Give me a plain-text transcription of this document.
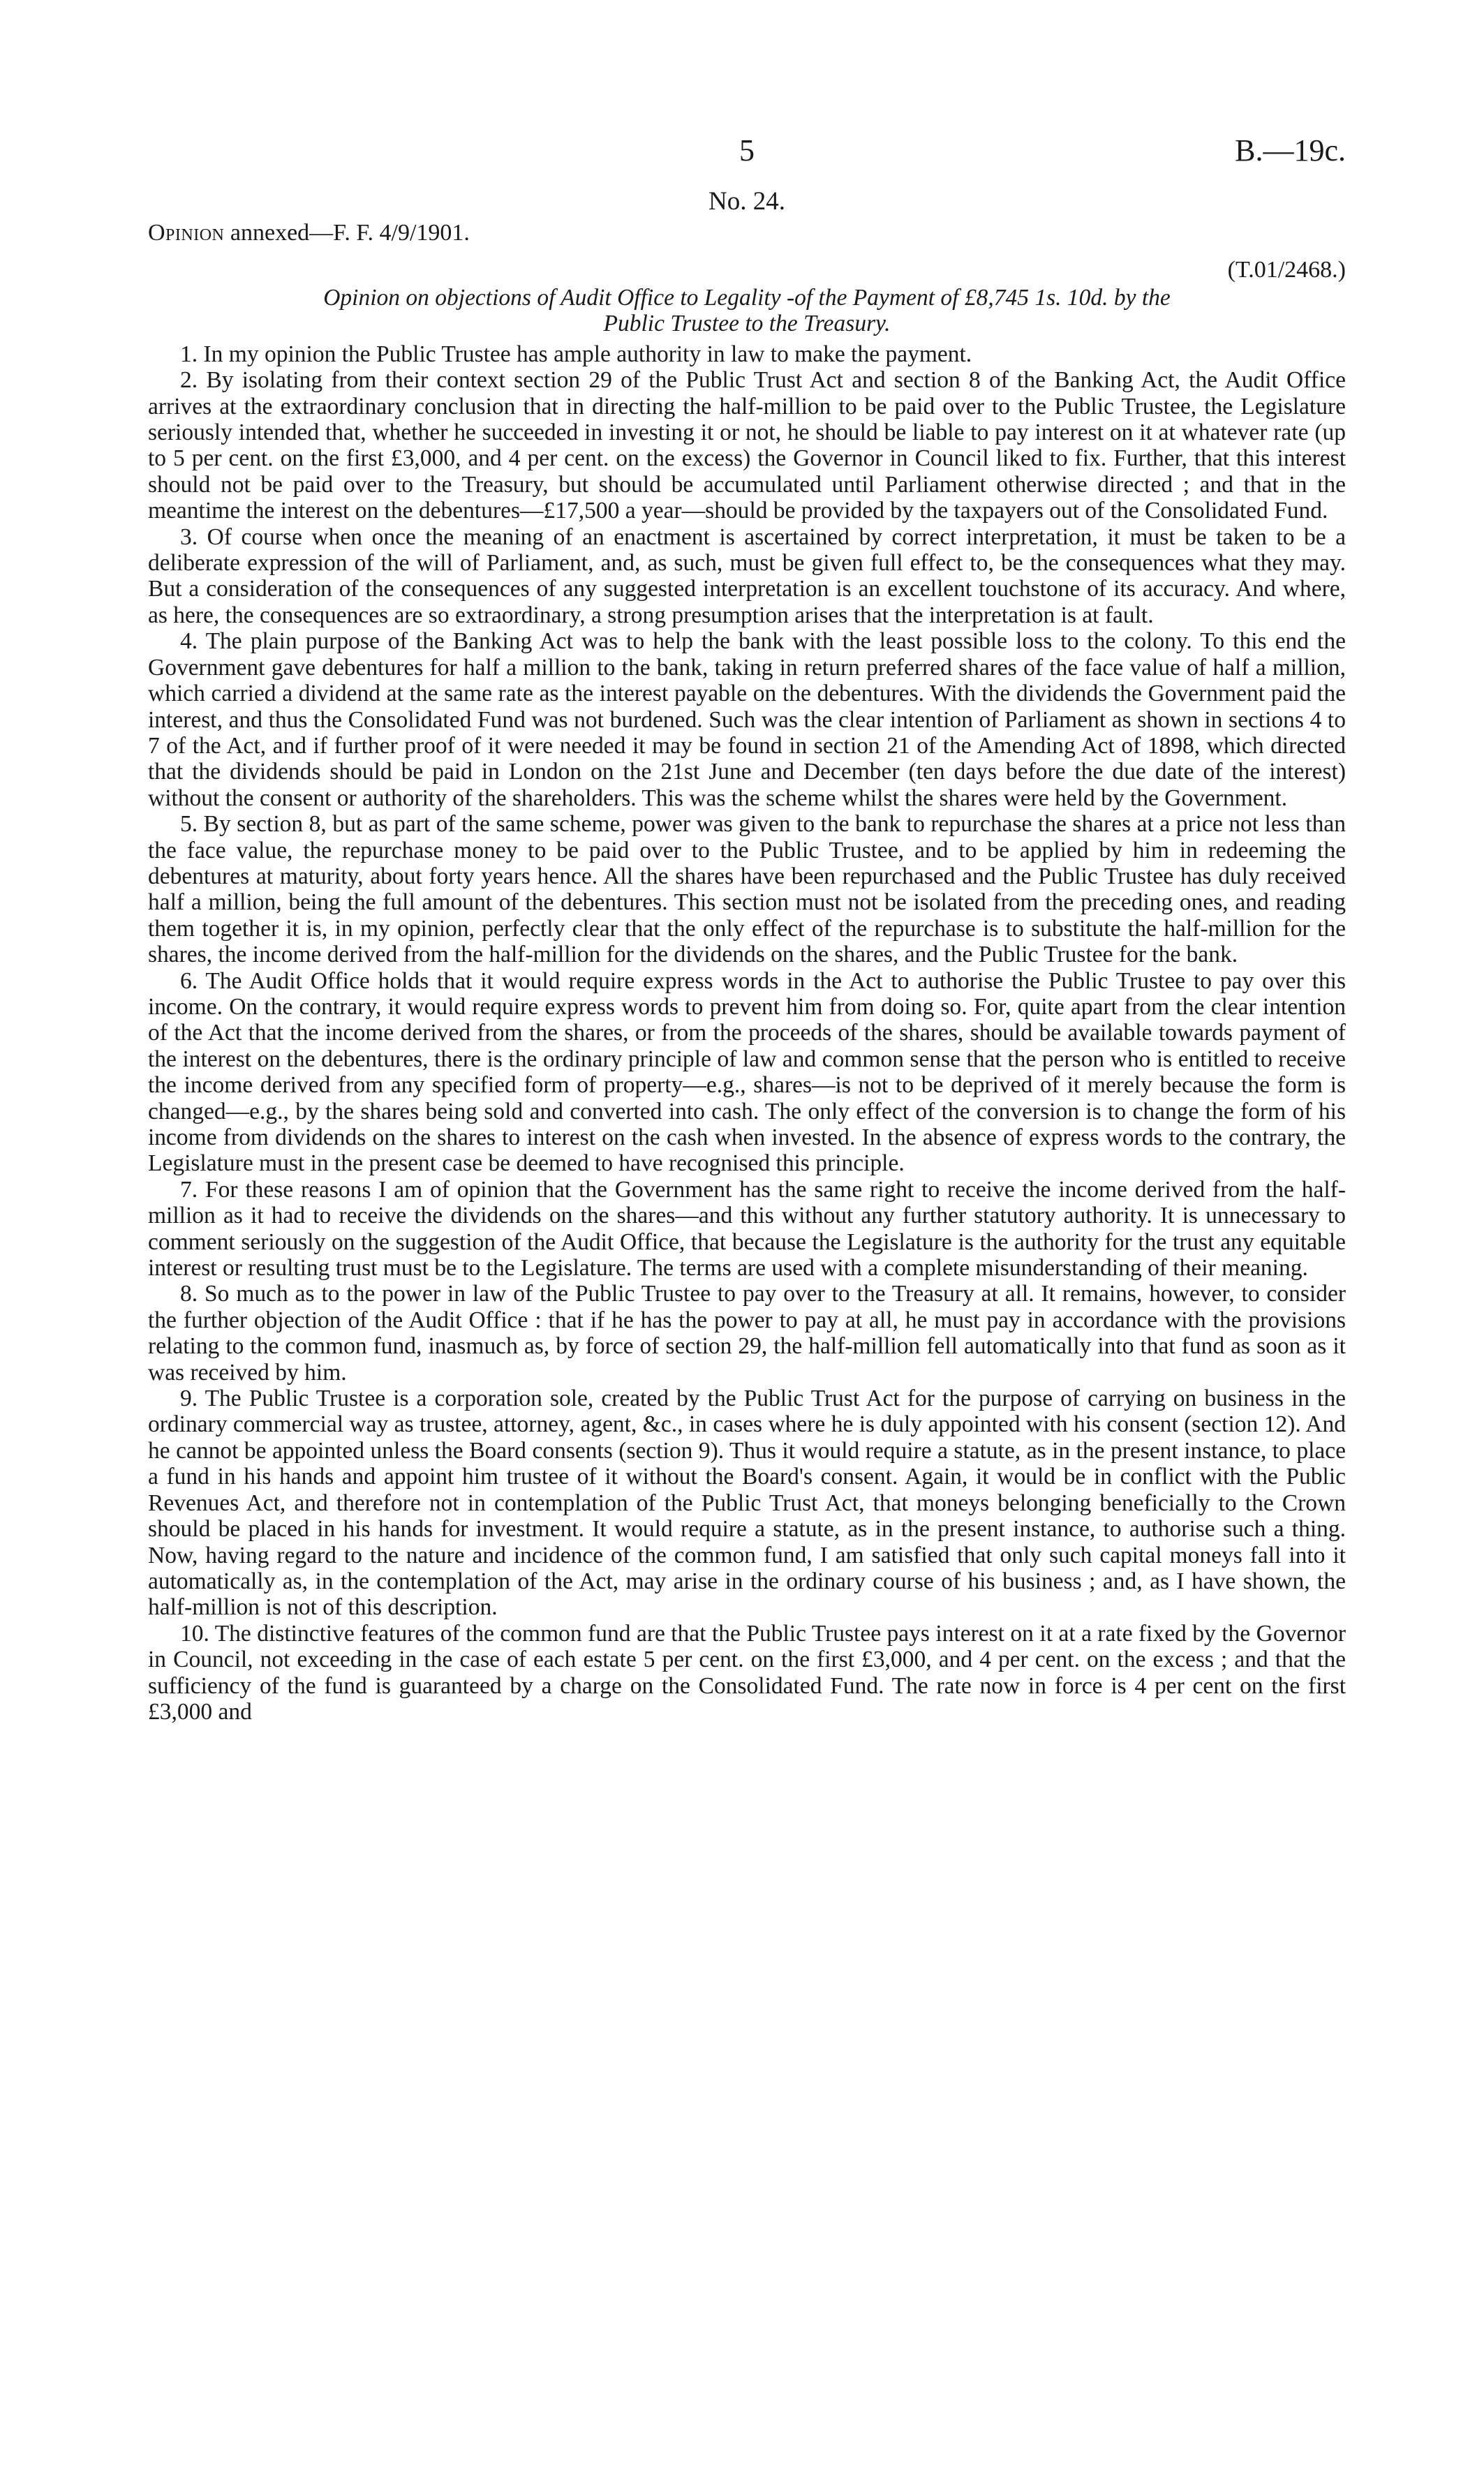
5	B.—19c.
No. 24.
Opinion annexed—F. F. 4/9/1901.
(T.01/2468.)
Opinion on objections of Audit Office to Legality -of the Payment of £8,745 1s. 10d. by the
Public Trustee to the Treasury.

1. In my opinion the Public Trustee has ample authority in law to make the payment.

2. By isolating from their context section 29 of the Public Trust Act and section 8 of the Banking Act, the Audit Office arrives at the extraordinary conclusion that in directing the half-million to be paid over to the Public Trustee, the Legislature seriously intended that, whether he succeeded in investing it or not, he should be liable to pay interest on it at whatever rate (up to 5 per cent. on the first £3,000, and 4 per cent. on the excess) the Governor in Council liked to fix. Further, that this interest should not be paid over to the Treasury, but should be accumulated until Parliament otherwise directed ; and that in the meantime the interest on the debentures—£17,500 a year—should be provided by the taxpayers out of the Consolidated Fund.

3. Of course when once the meaning of an enactment is ascertained by correct interpretation, it must be taken to be a deliberate expression of the will of Parliament, and, as such, must be given full effect to, be the consequences what they may. But a consideration of the consequences of any suggested interpretation is an excellent touchstone of its accuracy. And where, as here, the consequences are so extraordinary, a strong presumption arises that the interpretation is at fault.

4. The plain purpose of the Banking Act was to help the bank with the least possible loss to the colony. To this end the Government gave debentures for half a million to the bank, taking in return preferred shares of the face value of half a million, which carried a dividend at the same rate as the interest payable on the debentures. With the dividends the Government paid the interest, and thus the Consolidated Fund was not burdened. Such was the clear intention of Parliament as shown in sections 4 to 7 of the Act, and if further proof of it were needed it may be found in section 21 of the Amending Act of 1898, which directed that the dividends should be paid in London on the 21st June and December (ten days before the due date of the interest) without the consent or authority of the shareholders. This was the scheme whilst the shares were held by the Government.

5. By section 8, but as part of the same scheme, power was given to the bank to repurchase the shares at a price not less than the face value, the repurchase money to be paid over to the Public Trustee, and to be applied by him in redeeming the debentures at maturity, about forty years hence. All the shares have been repurchased and the Public Trustee has duly received half a million, being the full amount of the debentures. This section must not be isolated from the preceding ones, and reading them together it is, in my opinion, perfectly clear that the only effect of the repurchase is to substitute the half-million for the shares, the income derived from the half-million for the dividends on the shares, and the Public Trustee for the bank.

6. The Audit Office holds that it would require express words in the Act to authorise the Public Trustee to pay over this income. On the contrary, it would require express words to prevent him from doing so. For, quite apart from the clear intention of the Act that the income derived from the shares, or from the proceeds of the shares, should be available towards payment of the interest on the debentures, there is the ordinary principle of law and common sense that the person who is entitled to receive the income derived from any specified form of property—e.g., shares—is not to be deprived of it merely because the form is changed—e.g., by the shares being sold and converted into cash. The only effect of the conversion is to change the form of his income from dividends on the shares to interest on the cash when invested. In the absence of express words to the contrary, the Legislature must in the present case be deemed to have recognised this principle.

7. For these reasons I am of opinion that the Government has the same right to receive the income derived from the half-million as it had to receive the dividends on the shares—and this without any further statutory authority. It is unnecessary to comment seriously on the suggestion of the Audit Office, that because the Legislature is the authority for the trust any equitable interest or resulting trust must be to the Legislature. The terms are used with a complete misunderstanding of their meaning.

8. So much as to the power in law of the Public Trustee to pay over to the Treasury at all. It remains, however, to consider the further objection of the Audit Office : that if he has the power to pay at all, he must pay in accordance with the provisions relating to the common fund, inasmuch as, by force of section 29, the half-million fell automatically into that fund as soon as it was received by him.

9. The Public Trustee is a corporation sole, created by the Public Trust Act for the purpose of carrying on business in the ordinary commercial way as trustee, attorney, agent, &c., in cases where he is duly appointed with his consent (section 12). And he cannot be appointed unless the Board consents (section 9). Thus it would require a statute, as in the present instance, to place a fund in his hands and appoint him trustee of it without the Board's consent. Again, it would be in conflict with the Public Revenues Act, and therefore not in contemplation of the Public Trust Act, that moneys belonging beneficially to the Crown should be placed in his hands for investment. It would require a statute, as in the present instance, to authorise such a thing. Now, having regard to the nature and incidence of the common fund, I am satisfied that only such capital moneys fall into it automatically as, in the contemplation of the Act, may arise in the ordinary course of his business ; and, as I have shown, the half-million is not of this description.

10. The distinctive features of the common fund are that the Public Trustee pays interest on it at a rate fixed by the Governor in Council, not exceeding in the case of each estate 5 per cent. on the first £3,000, and 4 per cent. on the excess ; and that the sufficiency of the fund is guaranteed by a charge on the Consolidated Fund. The rate now in force is 4 per cent on the first £3,000 and
